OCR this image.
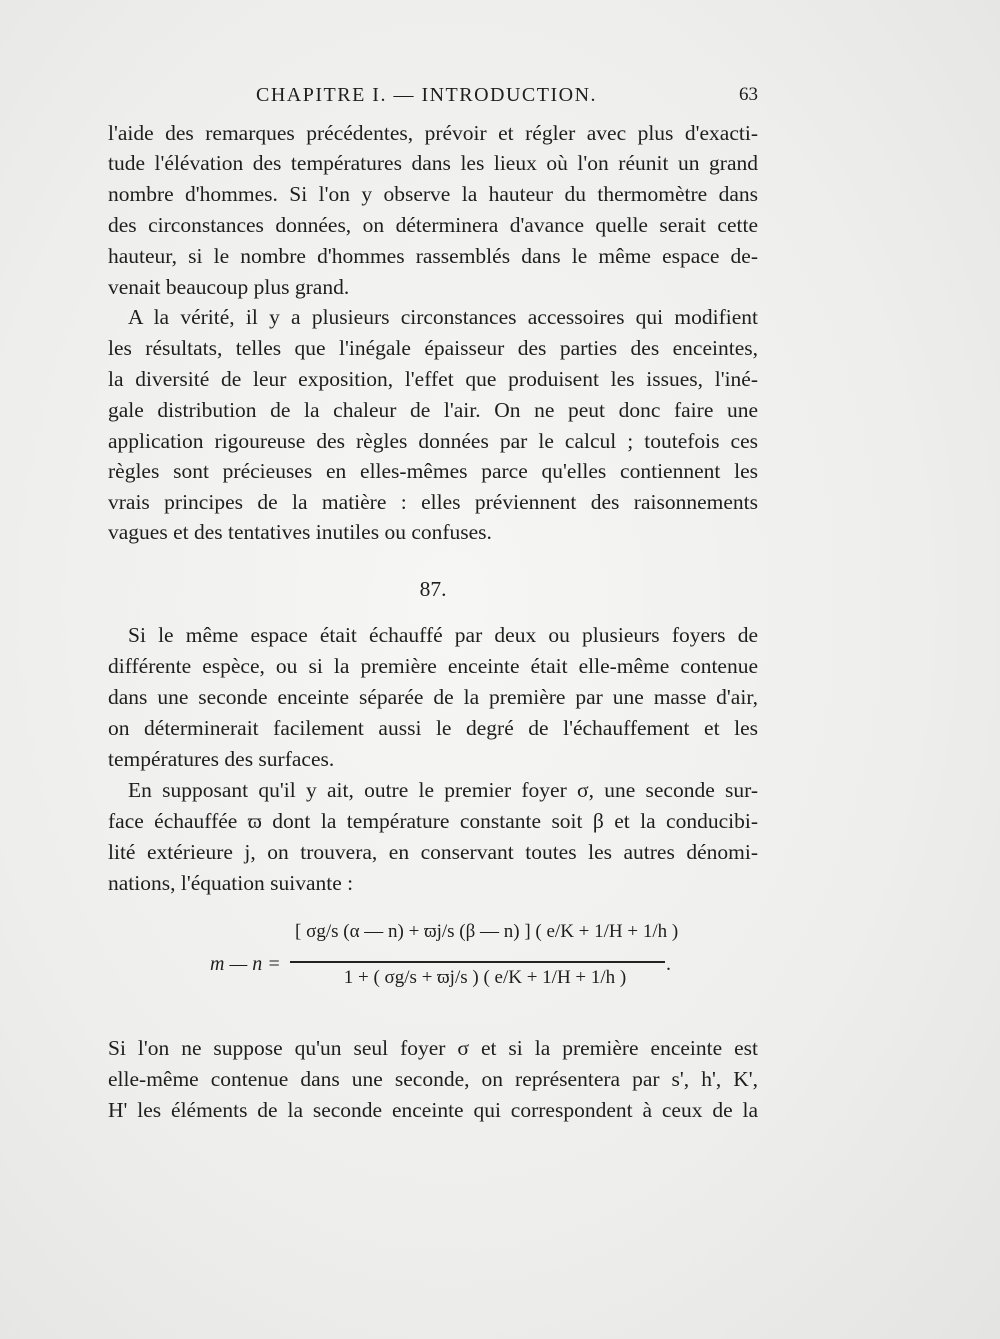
CHAPITRE I. — INTRODUCTION.	63
l'aide des remarques précédentes, prévoir et régler avec plus d'exacti-
tude l'élévation des températures dans les lieux où l'on réunit un grand
nombre d'hommes. Si l'on y observe la hauteur du thermomètre dans
des circonstances données, on déterminera d'avance quelle serait cette
hauteur, si le nombre d'hommes rassemblés dans le même espace de-
venait beaucoup plus grand.
A la vérité, il y a plusieurs circonstances accessoires qui modifient
les résultats, telles que l'inégale épaisseur des parties des enceintes,
la diversité de leur exposition, l'effet que produisent les issues, l'iné-
gale distribution de la chaleur de l'air. On ne peut donc faire une
application rigoureuse des règles données par le calcul ; toutefois ces
règles sont précieuses en elles-mêmes parce qu'elles contiennent les
vrais principes de la matière : elles préviennent des raisonnements
vagues et des tentatives inutiles ou confuses.
87.
Si le même espace était échauffé par deux ou plusieurs foyers de
différente espèce, ou si la première enceinte était elle-même contenue
dans une seconde enceinte séparée de la première par une masse d'air,
on déterminerait facilement aussi le degré de l'échauffement et les
températures des surfaces.
En supposant qu'il y ait, outre le premier foyer σ, une seconde sur-
face échauffée ϖ dont la température constante soit β et la conducibi-
lité extérieure j, on trouvera, en conservant toutes les autres dénomi-
nations, l'équation suivante :
m — n =
[ σg/s (α — n) + ϖj/s (β — n) ] ( e/K + 1/H + 1/h )
1 + ( σg/s + ϖj/s ) ( e/K + 1/H + 1/h )
.
Si l'on ne suppose qu'un seul foyer σ et si la première enceinte est
elle-même contenue dans une seconde, on représentera par s', h', K',
H' les éléments de la seconde enceinte qui correspondent à ceux de la
